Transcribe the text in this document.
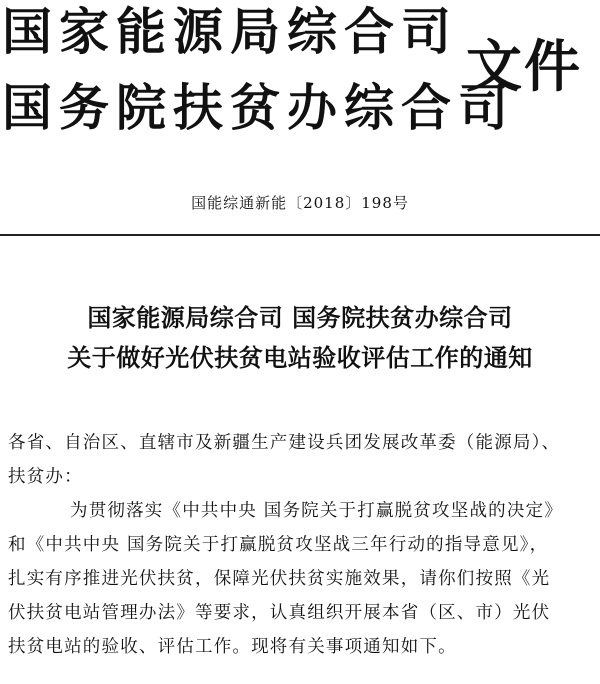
国家能源局综合司
国务院扶贫办综合司
文件
国能综通新能〔2018〕198号
国家能源局综合司 国务院扶贫办综合司
关于做好光伏扶贫电站验收评估工作的通知
各省、自治区、直辖市及新疆生产建设兵团发展改革委（能源局）、
扶贫办：
为贯彻落实《中共中央 国务院关于打赢脱贫攻坚战的决定》
和《中共中央 国务院关于打赢脱贫攻坚战三年行动的指导意见》，
扎实有序推进光伏扶贫，保障光伏扶贫实施效果，请你们按照《光
伏扶贫电站管理办法》等要求，认真组织开展本省（区、市）光伏
扶贫电站的验收、评估工作。现将有关事项通知如下。
